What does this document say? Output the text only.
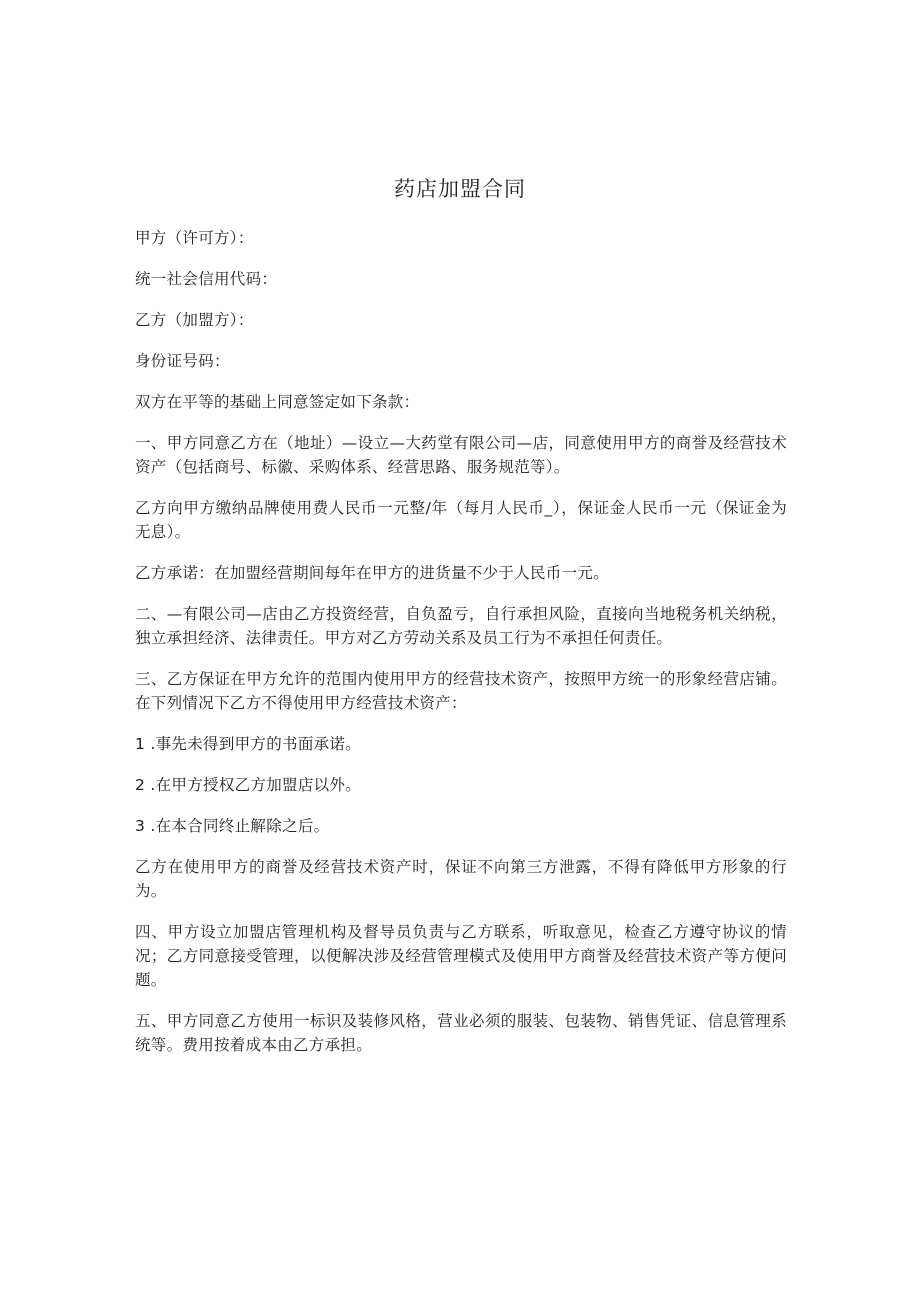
药店加盟合同

甲方（许可方）：

统一社会信用代码：

乙方（加盟方）：

身份证号码：

双方在平等的基础上同意签定如下条款：

一、甲方同意乙方在（地址）—设立—大药堂有限公司—店，同意使用甲方的商誉及经营技术资产（包括商号、标徽、采购体系、经营思路、服务规范等）。

乙方向甲方缴纳品牌使用费人民币一元整/年（每月人民币_），保证金人民币一元（保证金为无息）。

乙方承诺：在加盟经营期间每年在甲方的进货量不少于人民币一元。

二、—有限公司—店由乙方投资经营，自负盈亏，自行承担风险，直接向当地税务机关纳税，独立承担经济、法律责任。甲方对乙方劳动关系及员工行为不承担任何责任。

三、乙方保证在甲方允许的范围内使用甲方的经营技术资产，按照甲方统一的形象经营店铺。在下列情况下乙方不得使用甲方经营技术资产：

1 .事先未得到甲方的书面承诺。

2 .在甲方授权乙方加盟店以外。

3 .在本合同终止解除之后。

乙方在使用甲方的商誉及经营技术资产时，保证不向第三方泄露，不得有降低甲方形象的行为。

四、甲方设立加盟店管理机构及督导员负责与乙方联系，听取意见，检查乙方遵守协议的情况；乙方同意接受管理，以便解决涉及经营管理模式及使用甲方商誉及经营技术资产等方便问题。

五、甲方同意乙方使用一标识及装修风格，营业必须的服装、包装物、销售凭证、信息管理系统等。费用按着成本由乙方承担。
